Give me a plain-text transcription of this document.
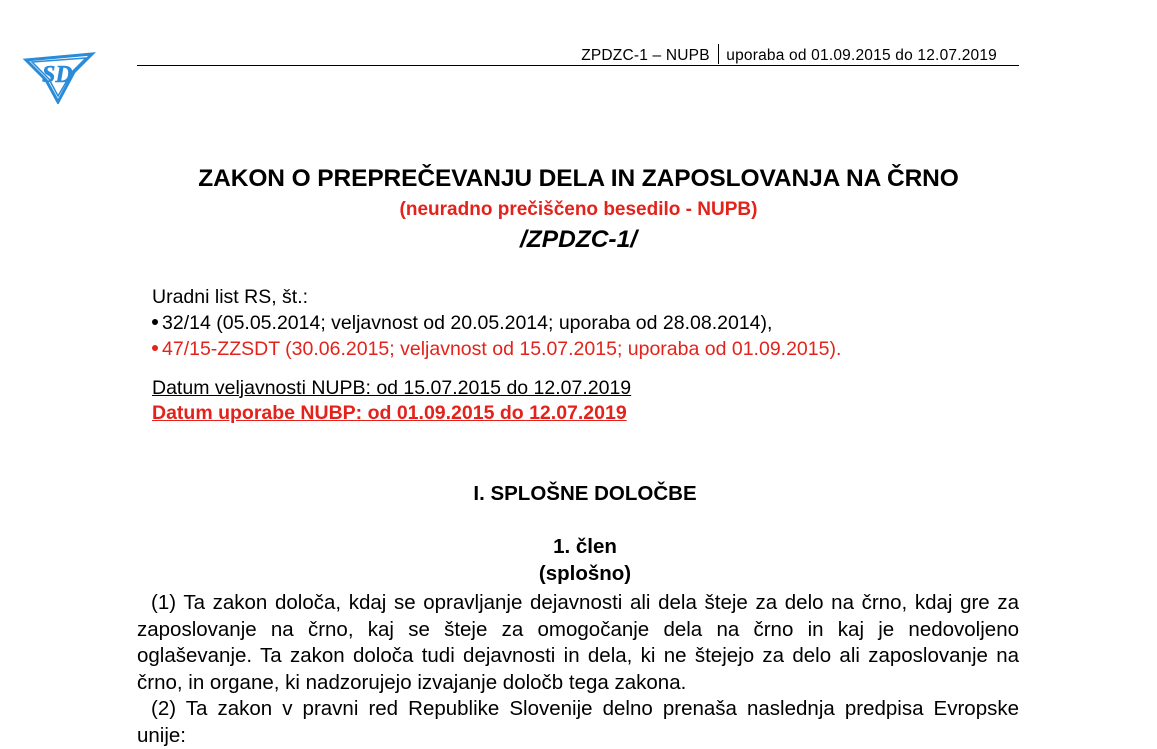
SD
ZPDZC-1 – NUPB uporaba od 01.09.2015 do 12.07.2019
ZAKON O PREPREČEVANJU DELA IN ZAPOSLOVANJA NA ČRNO
(neuradno prečiščeno besedilo - NUPB)
/ZPDZC-1/
Uradni list RS, št.:
32/14 (05.05.2014; veljavnost od 20.05.2014; uporaba od 28.08.2014),
47/15-ZZSDT (30.06.2015; veljavnost od 15.07.2015; uporaba od 01.09.2015).
Datum veljavnosti NUPB: od 15.07.2015 do 12.07.2019
Datum uporabe NUBP: od 01.09.2015 do 12.07.2019
I. SPLOŠNE DOLOČBE
1. člen
(splošno)

(1) Ta zakon določa, kdaj se opravljanje dejavnosti ali dela šteje za delo na črno, kdaj gre za zaposlovanje na črno, kaj se šteje za omogočanje dela na črno in kaj je nedovoljeno oglaševanje. Ta zakon določa tudi dejavnosti in dela, ki ne štejejo za delo ali zaposlovanje na črno, in organe, ki nadzorujejo izvajanje določb tega zakona.

(2) Ta zakon v pravni red Republike Slovenije delno prenaša naslednja predpisa Evropske unije:
